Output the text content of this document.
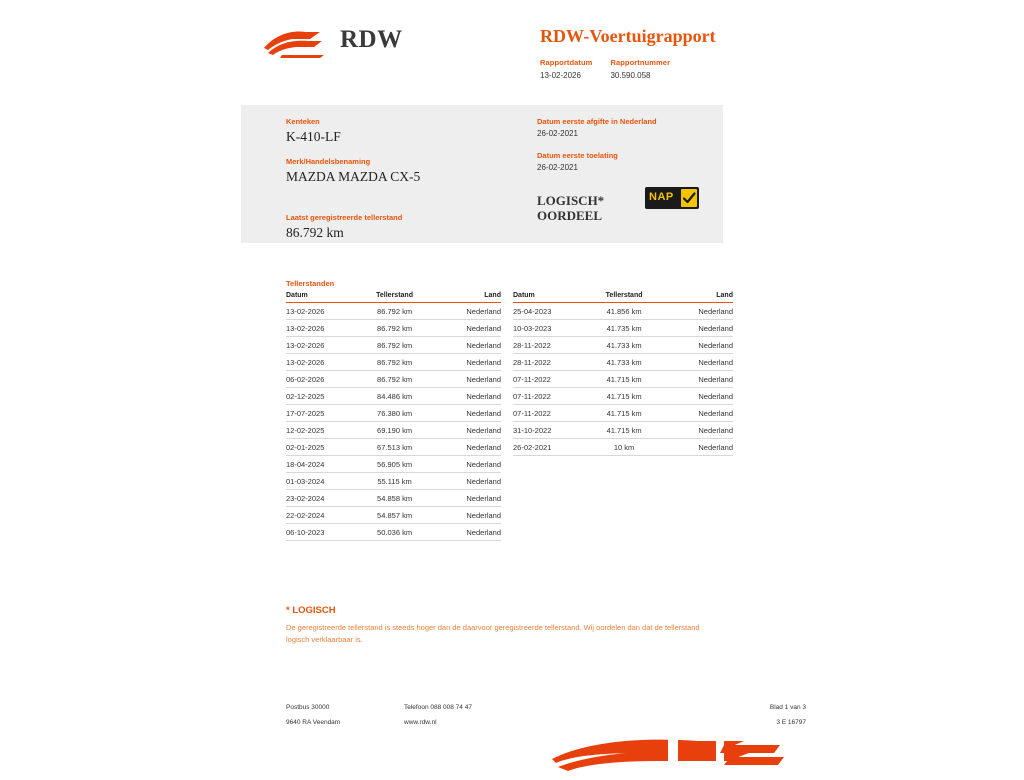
RDW	RDW-Voertuigrapport
Rapportdatum
13-02-2026

Rapportnummer
30.590.058
Kenteken
K-410-LF
Merk/Handelsbenaming
MAZDA MAZDA CX-5
Laatst geregistreerde tellerstand
86.792 km
Datum eerste afgifte in Nederland
26-02-2021
Datum eerste toelating
26-02-2021
LOGISCH*
OORDEEL
NAP
Tellerstanden
Datum	Tellerstand	Land
13-02-2026	86.792 km	Nederland
13-02-2026	86.792 km	Nederland
13-02-2026	86.792 km	Nederland
13-02-2026	86.792 km	Nederland
06-02-2026	86.792 km	Nederland
02-12-2025	84.486 km	Nederland
17-07-2025	76.380 km	Nederland
12-02-2025	69.190 km	Nederland
02-01-2025	67.513 km	Nederland
18-04-2024	56.905 km	Nederland
01-03-2024	55.115 km	Nederland
23-02-2024	54.858 km	Nederland
22-02-2024	54.857 km	Nederland
06-10-2023	50.036 km	Nederland
Datum	Tellerstand	Land
25-04-2023	41.856 km	Nederland
10-03-2023	41.735 km	Nederland
28-11-2022	41.733 km	Nederland
28-11-2022	41.733 km	Nederland
07-11-2022	41.715 km	Nederland
07-11-2022	41.715 km	Nederland
07-11-2022	41.715 km	Nederland
31-10-2022	41.715 km	Nederland
26-02-2021	10 km	Nederland
* LOGISCH
De geregistreerde tellerstand is steeds hoger dan de daarvoor geregistreerde tellerstand. Wij oordelen dan dat de tellerstand logisch verklaarbaar is.
Postbus 30000
9640 RA Veendam
Telefoon 088 008 74 47
www.rdw.nl
Blad 1 van 3
3 E 16797
